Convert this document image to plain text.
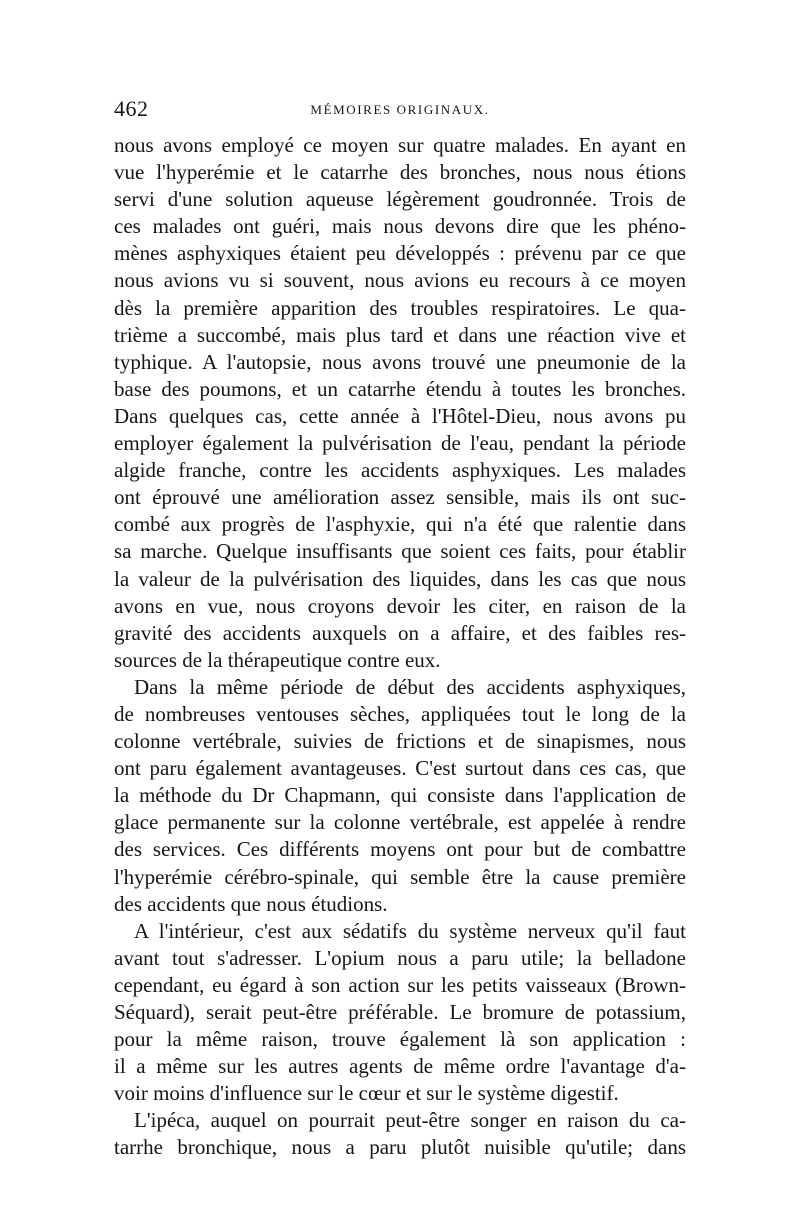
462	MÉMOIRES ORIGINAUX.
nous avons employé ce moyen sur quatre malades. En ayant en
vue l'hyperémie et le catarrhe des bronches, nous nous étions
servi d'une solution aqueuse légèrement goudronnée. Trois de
ces malades ont guéri, mais nous devons dire que les phéno-
mènes asphyxiques étaient peu développés : prévenu par ce que
nous avions vu si souvent, nous avions eu recours à ce moyen
dès la première apparition des troubles respiratoires. Le qua-
trième a succombé, mais plus tard et dans une réaction vive et
typhique. A l'autopsie, nous avons trouvé une pneumonie de la
base des poumons, et un catarrhe étendu à toutes les bronches.
Dans quelques cas, cette année à l'Hôtel-Dieu, nous avons pu
employer également la pulvérisation de l'eau, pendant la période
algide franche, contre les accidents asphyxiques. Les malades
ont éprouvé une amélioration assez sensible, mais ils ont suc-
combé aux progrès de l'asphyxie, qui n'a été que ralentie dans
sa marche. Quelque insuffisants que soient ces faits, pour établir
la valeur de la pulvérisation des liquides, dans les cas que nous
avons en vue, nous croyons devoir les citer, en raison de la
gravité des accidents auxquels on a affaire, et des faibles res-
sources de la thérapeutique contre eux.
Dans la même période de début des accidents asphyxiques,
de nombreuses ventouses sèches, appliquées tout le long de la
colonne vertébrale, suivies de frictions et de sinapismes, nous
ont paru également avantageuses. C'est surtout dans ces cas, que
la méthode du Dr Chapmann, qui consiste dans l'application de
glace permanente sur la colonne vertébrale, est appelée à rendre
des services. Ces différents moyens ont pour but de combattre
l'hyperémie cérébro-spinale, qui semble être la cause première
des accidents que nous étudions.
A l'intérieur, c'est aux sédatifs du système nerveux qu'il faut
avant tout s'adresser. L'opium nous a paru utile; la belladone
cependant, eu égard à son action sur les petits vaisseaux (Brown-
Séquard), serait peut-être préférable. Le bromure de potassium,
pour la même raison, trouve également là son application :
il a même sur les autres agents de même ordre l'avantage d'a-
voir moins d'influence sur le cœur et sur le système digestif.
L'ipéca, auquel on pourrait peut-être songer en raison du ca-
tarrhe bronchique, nous a paru plutôt nuisible qu'utile; dans
